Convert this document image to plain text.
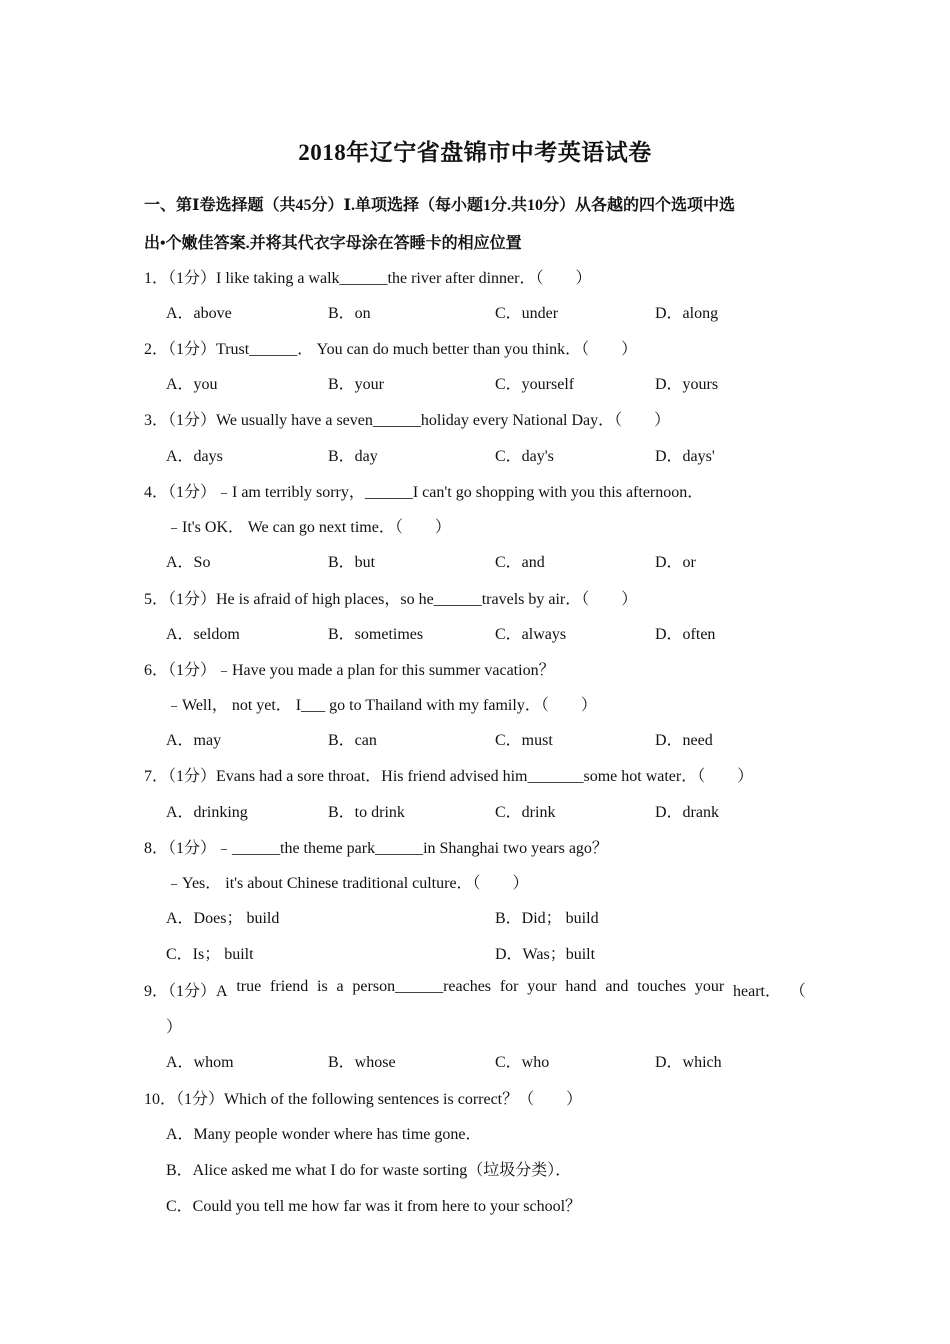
2018年辽宁省盘锦市中考英语试卷
一、第Ⅰ卷选择题（共45分）Ⅰ.单项选择（每小题1分.共10分）从各越的四个选项中选
出•个嫩佳答案.并将其代衣字母涂在答睡卡的相应位置
1．（1分）I like taking a walk______the river after dinner．（　　）
A．above	B．on	C．under	D．along
2．（1分）Trust______． You can do much better than you think．（　　）
A．you	B．your	C．yourself	D．yours
3．（1分）We usually have a seven______holiday every National Day．（　　）
A．days	B．day	C．day's	D．days'
4．（1分）﹣I am terribly sorry，______I can't go shopping with you this afternoon．
﹣It's OK． We can go next time．（　　）
A．So	B．but	C．and	D．or
5．（1分）He is afraid of high places，so he______travels by air．（　　）
A．seldom	B．sometimes	C．always	D．often
6．（1分）﹣Have you made a plan for this summer vacation？
﹣Well， not yet． I___ go to Thailand with my family．（　　）
A．may	B．can	C．must	D．need
7．（1分）Evans had a sore throat．His friend advised him_______some hot water．（　　）
A．drinking	B．to drink	C．drink	D．drank
8．（1分）﹣______the theme park______in Shanghai two years ago？
﹣Yes． it's about Chinese traditional culture．（　　）
A．Does； build	B．Did； build
C．Is； built	D．Was；built
9．（1分）A true friend is a person______reaches for your hand and touches your heart． （
）
A．whom	B．whose	C．who	D．which
10．（1分）Which of the following sentences is correct？（　　）
A．Many people wonder where has time gone．
B．Alice asked me what I do for waste sorting（垃圾分类）．
C．Could you tell me how far was it from here to your school？
